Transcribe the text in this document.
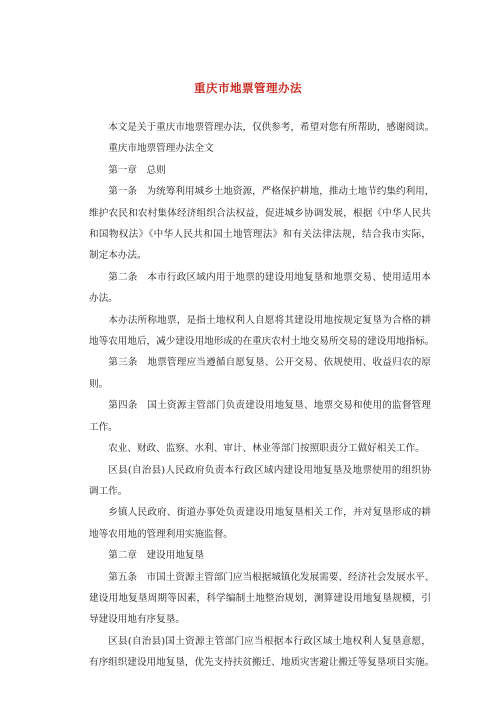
重庆市地票管理办法

本文是关于重庆市地票管理办法，仅供参考，希望对您有所帮助，感谢阅读。

重庆市地票管理办法全文

第一章　总则

第一条　为统筹利用城乡土地资源，严格保护耕地，推动土地节约集约利用，
维护农民和农村集体经济组织合法权益，促进城乡协调发展，根据《中华人民共
和国物权法》《中华人民共和国土地管理法》和有关法律法规，结合我市实际，
制定本办法。

第二条　本市行政区域内用于地票的建设用地复垦和地票交易、使用适用本
办法。

本办法所称地票，是指土地权利人自愿将其建设用地按规定复垦为合格的耕
地等农用地后，减少建设用地形成的在重庆农村土地交易所交易的建设用地指标。

第三条　地票管理应当遵循自愿复垦、公开交易、依规使用、收益归农的原
则。

第四条　国土资源主管部门负责建设用地复垦、地票交易和使用的监督管理
工作。

农业、财政、监察、水利、审计、林业等部门按照职责分工做好相关工作。

区县(自治县)人民政府负责本行政区域内建设用地复垦及地票使用的组织协
调工作。

乡镇人民政府、街道办事处负责建设用地复垦相关工作，并对复垦形成的耕
地等农用地的管理利用实施监督。

第二章　建设用地复垦

第五条　市国土资源主管部门应当根据城镇化发展需要、经济社会发展水平、
建设用地复垦周期等因素，科学编制土地整治规划，测算建设用地复垦规模，引
导建设用地有序复垦。

区县(自治县)国土资源主管部门应当根据本行政区域土地权利人复垦意愿，
有序组织建设用地复垦，优先支持扶贫搬迁、地质灾害避让搬迁等复垦项目实施。
